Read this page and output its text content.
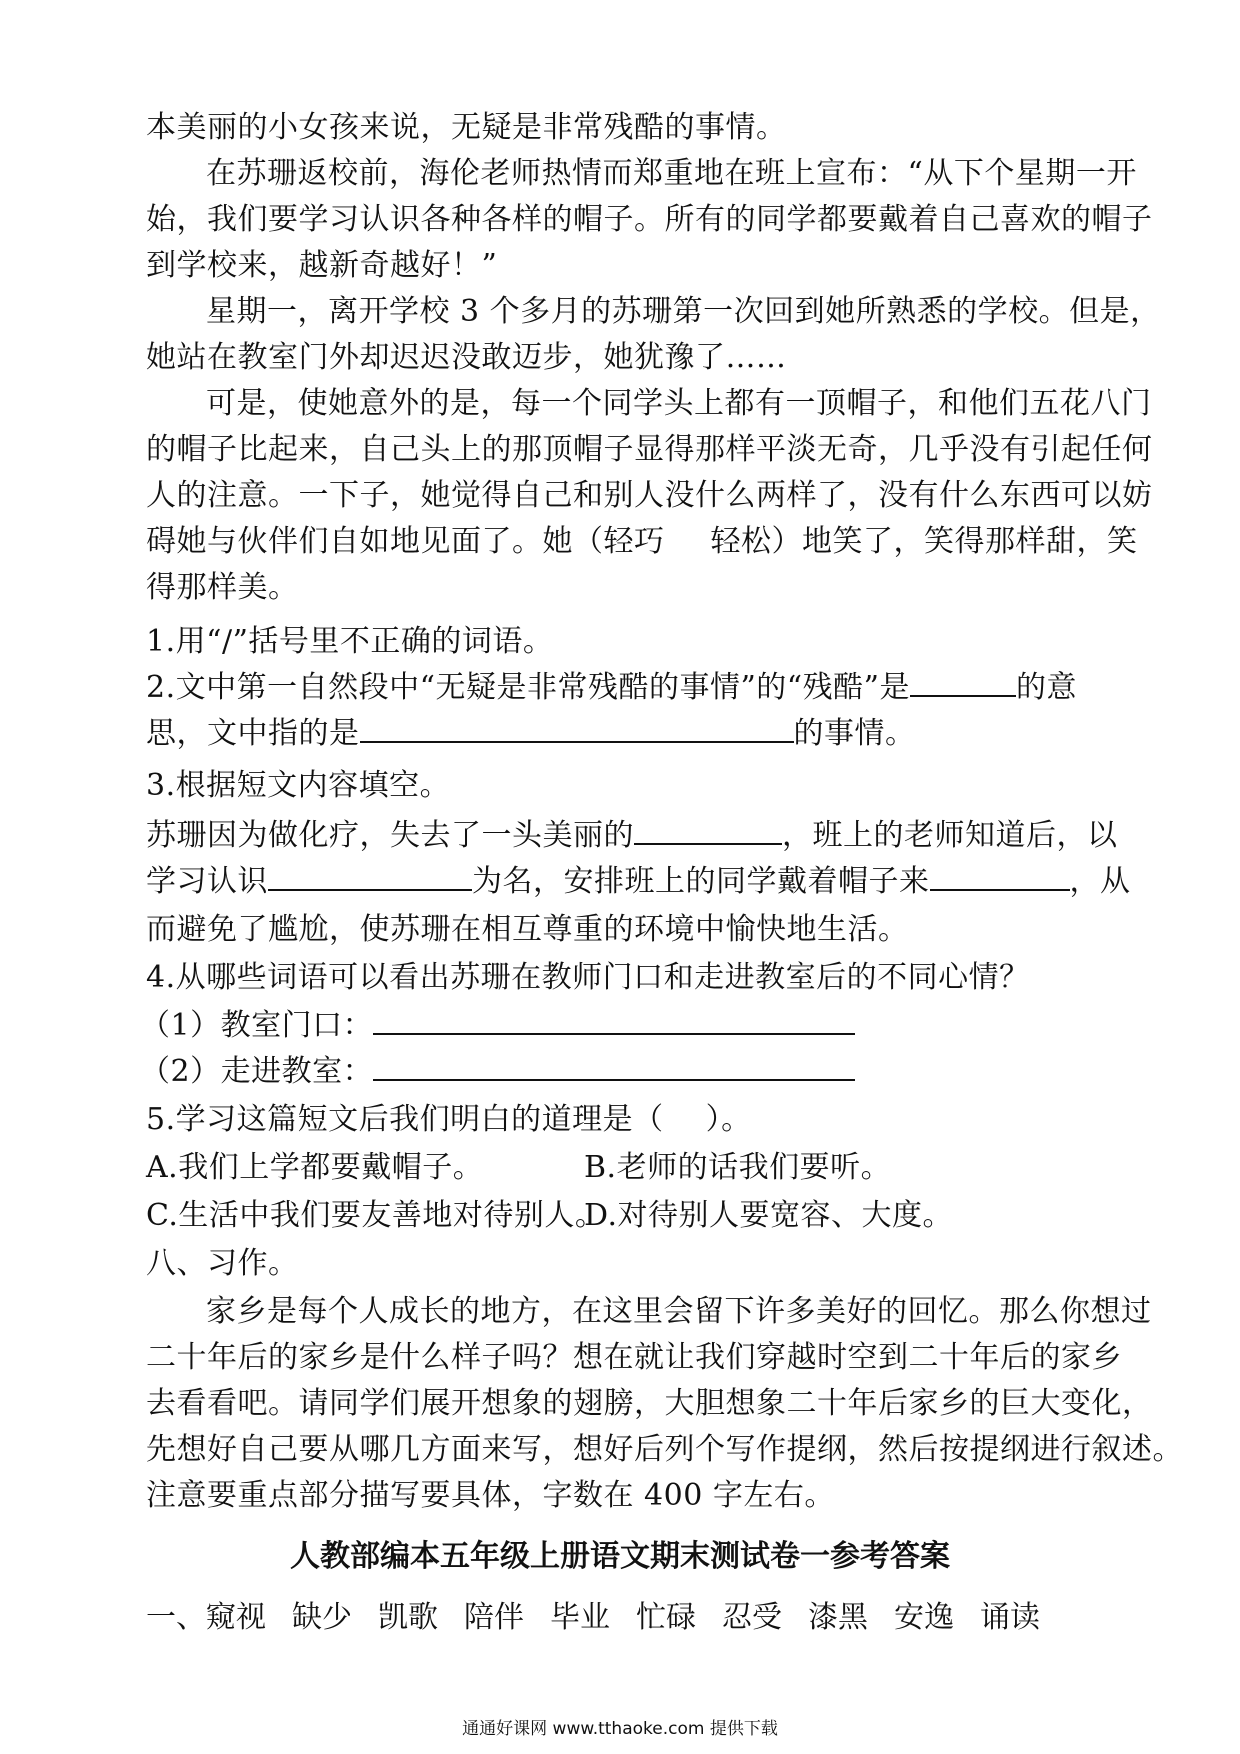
本美丽的小女孩来说，无疑是非常残酷的事情。
在苏珊返校前，海伦老师热情而郑重地在班上宣布：“从下个星期一开
始，我们要学习认识各种各样的帽子。所有的同学都要戴着自己喜欢的帽子
到学校来，越新奇越好！”
星期一，离开学校 3 个多月的苏珊第一次回到她所熟悉的学校。但是，
她站在教室门外却迟迟没敢迈步，她犹豫了……
可是，使她意外的是，每一个同学头上都有一顶帽子，和他们五花八门
的帽子比起来，自己头上的那顶帽子显得那样平淡无奇，几乎没有引起任何
人的注意。一下子，她觉得自己和别人没什么两样了，没有什么东西可以妨
碍她与伙伴们自如地见面了。她（轻巧 轻松）地笑了，笑得那样甜，笑
得那样美。
1.用“/”括号里不正确的词语。
2.文中第一自然段中“无疑是非常残酷的事情”的“残酷”是	的意
思，文中指的是	的事情。
3.根据短文内容填空。
苏珊因为做化疗，失去了一头美丽的	，班上的老师知道后，以
学习认识	为名，安排班上的同学戴着帽子来	，从
而避免了尴尬，使苏珊在相互尊重的环境中愉快地生活。
4.从哪些词语可以看出苏珊在教师门口和走进教室后的不同心情？
（1）教室门口：
（2）走进教室：
5.学习这篇短文后我们明白的道理是（ ）。
A.我们上学都要戴帽子。	B.老师的话我们要听。
C.生活中我们要友善地对待别人。
D.对待别人要宽容、大度。
八、习作。
家乡是每个人成长的地方，在这里会留下许多美好的回忆。那么你想过
二十年后的家乡是什么样子吗？想在就让我们穿越时空到二十年后的家乡
去看看吧。请同学们展开想象的翅膀，大胆想象二十年后家乡的巨大变化，
先想好自己要从哪几方面来写，想好后列个写作提纲，然后按提纲进行叙述。
注意要重点部分描写要具体，字数在 400 字左右。
人教部编本五年级上册语文期末测试卷一参考答案
一、窥视 缺少 凯歌 陪伴 毕业 忙碌 忍受 漆黑 安逸 诵读
通通好课网 www.tthaoke.com 提供下载
